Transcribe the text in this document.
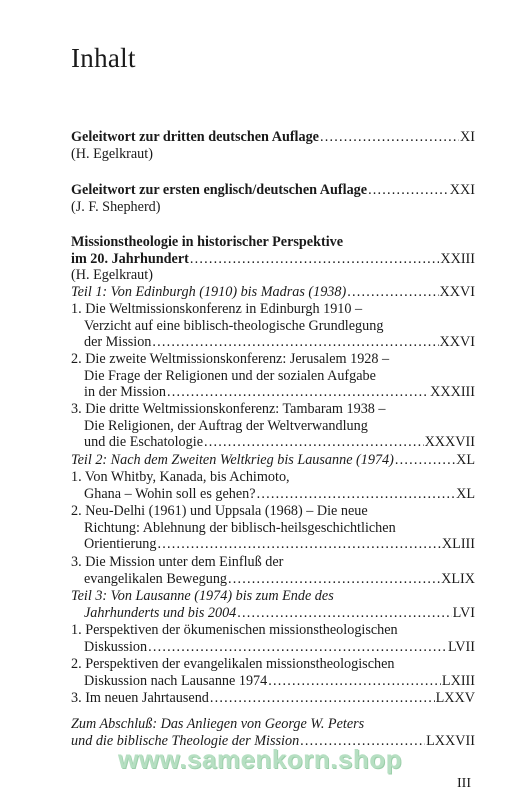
Inhalt
Geleitwort zur dritten deutschen Auflage .....	XI
(H. Egelkraut)
Geleitwort zur ersten englisch/deutschen Auflage .....	XXI
(J. F. Shepherd)
Missionstheologie in historischer Perspektive
im 20. Jahrhundert .....	XXIII
(H. Egelkraut)
Teil 1: Von Edinburgh (1910) bis Madras (1938) .....	XXVI
1. Die Weltmissionskonferenz in Edinburgh 1910 –
Verzicht auf eine biblisch-theologische Grundlegung
der Mission .....	XXVI
2. Die zweite Weltmissionskonferenz: Jerusalem 1928 –
Die Frage der Religionen und der sozialen Aufgabe
in der Mission .....	XXXIII
3. Die dritte Weltmissionskonferenz: Tambaram 1938 –
Die Religionen, der Auftrag der Weltverwandlung
und die Eschatologie .....	XXXVII
Teil 2: Nach dem Zweiten Weltkrieg bis Lausanne (1974) .....	XL
1. Von Whitby, Kanada, bis Achimoto,
Ghana – Wohin soll es gehen? .....	XL
2. Neu-Delhi (1961) und Uppsala (1968) – Die neue
Richtung: Ablehnung der biblisch-heilsgeschichtlichen
Orientierung .....	XLIII
3. Die Mission unter dem Einfluß der
evangelikalen Bewegung .....	XLIX
Teil 3: Von Lausanne (1974) bis zum Ende des
Jahrhunderts und bis 2004 .....	LVI
1. Perspektiven der ökumenischen missionstheologischen
Diskussion .....	LVII
2. Perspektiven der evangelikalen missionstheologischen
Diskussion nach Lausanne 1974 .....	LXIII
3. Im neuen Jahrtausend .....	LXXV
Zum Abschluß: Das Anliegen von George W. Peters
und die biblische Theologie der Mission .....	LXXVII
www.samenkorn.shop
III
